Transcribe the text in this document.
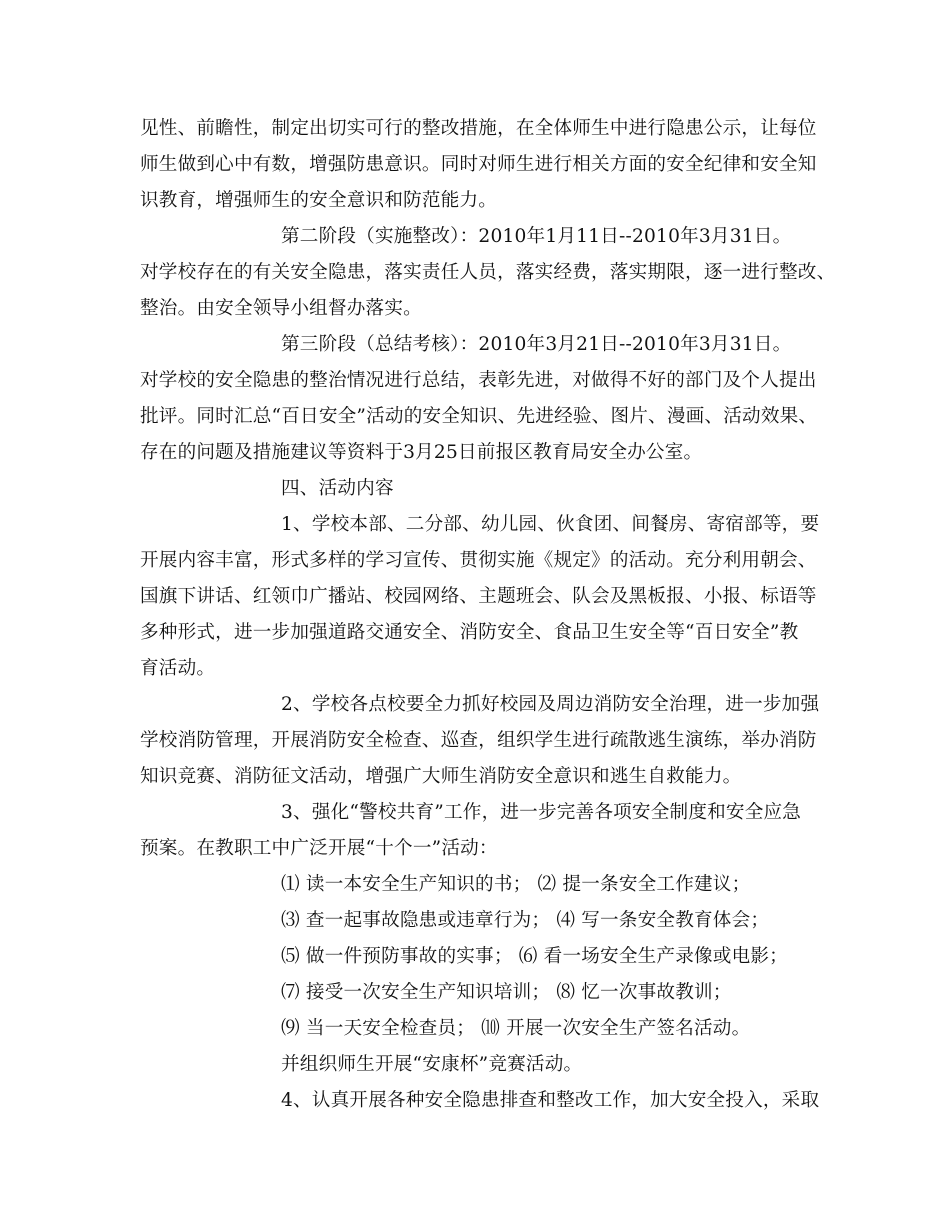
见性、前瞻性，制定出切实可行的整改措施，在全体师生中进行隐患公示，让每位
师生做到心中有数，增强防患意识。同时对师生进行相关方面的安全纪律和安全知
识教育，增强师生的安全意识和防范能力。
第二阶段（实施整改）：2010年1月11日--2010年3月31日。
对学校存在的有关安全隐患，落实责任人员，落实经费，落实期限，逐一进行整改、
整治。由安全领导小组督办落实。
第三阶段（总结考核）：2010年3月21日--2010年3月31日。
对学校的安全隐患的整治情况进行总结，表彰先进，对做得不好的部门及个人提出
批评。同时汇总“百日安全”活动的安全知识、先进经验、图片、漫画、活动效果、
存在的问题及措施建议等资料于3月25日前报区教育局安全办公室。
四、活动内容
1、学校本部、二分部、幼儿园、伙食团、间餐房、寄宿部等，要
开展内容丰富，形式多样的学习宣传、贯彻实施《规定》的活动。充分利用朝会、
国旗下讲话、红领巾广播站、校园网络、主题班会、队会及黑板报、小报、标语等
多种形式，进一步加强道路交通安全、消防安全、食品卫生安全等“百日安全”教
育活动。
2、学校各点校要全力抓好校园及周边消防安全治理，进一步加强
学校消防管理，开展消防安全检查、巡查，组织学生进行疏散逃生演练，举办消防
知识竞赛、消防征文活动，增强广大师生消防安全意识和逃生自救能力。
3、强化“警校共育”工作，进一步完善各项安全制度和安全应急
预案。在教职工中广泛开展“十个一”活动：
⑴ 读一本安全生产知识的书； ⑵ 提一条安全工作建议；
⑶ 查一起事故隐患或违章行为； ⑷ 写一条安全教育体会；
⑸ 做一件预防事故的实事； ⑹ 看一场安全生产录像或电影；
⑺ 接受一次安全生产知识培训； ⑻ 忆一次事故教训；
⑼ 当一天安全检查员； ⑽ 开展一次安全生产签名活动。
并组织师生开展“安康杯”竞赛活动。
4、认真开展各种安全隐患排查和整改工作，加大安全投入，采取
